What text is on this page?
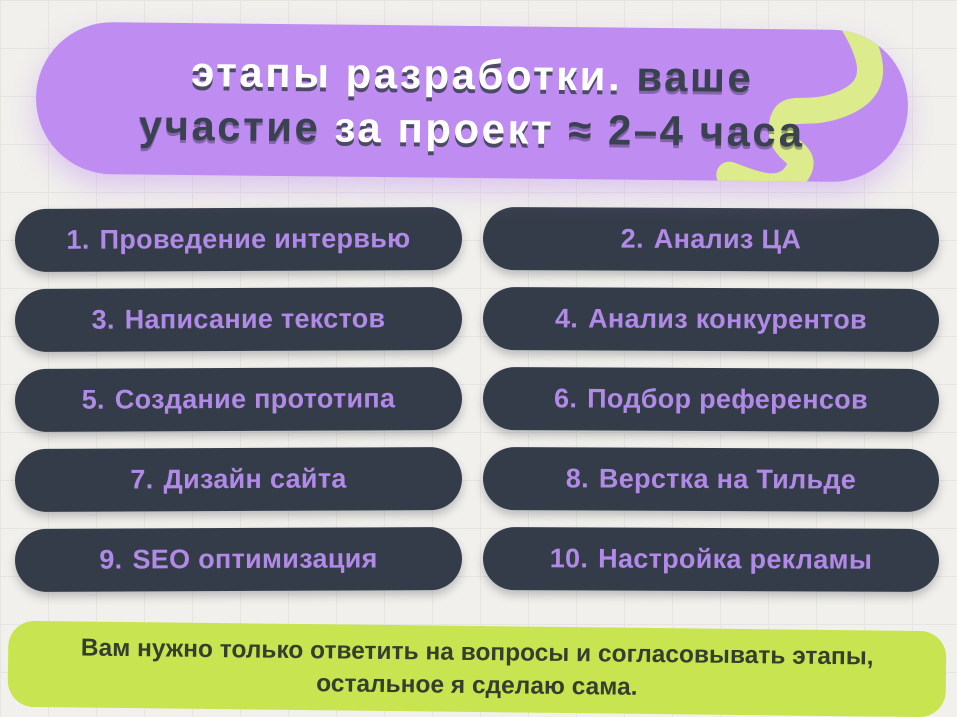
этапы разработки. ваше
участие за проект ≈ 2–4 часа
1. Проведение интервью	2. Анализ ЦА
3. Написание текстов	4. Анализ конкурентов
5. Создание прототипа	6. Подбор референсов
7. Дизайн сайта	8. Верстка на Тильде
9. SEO оптимизация	10. Настройка рекламы
Вам нужно только ответить на вопросы и согласовывать этапы,
остальное я сделаю сама.
